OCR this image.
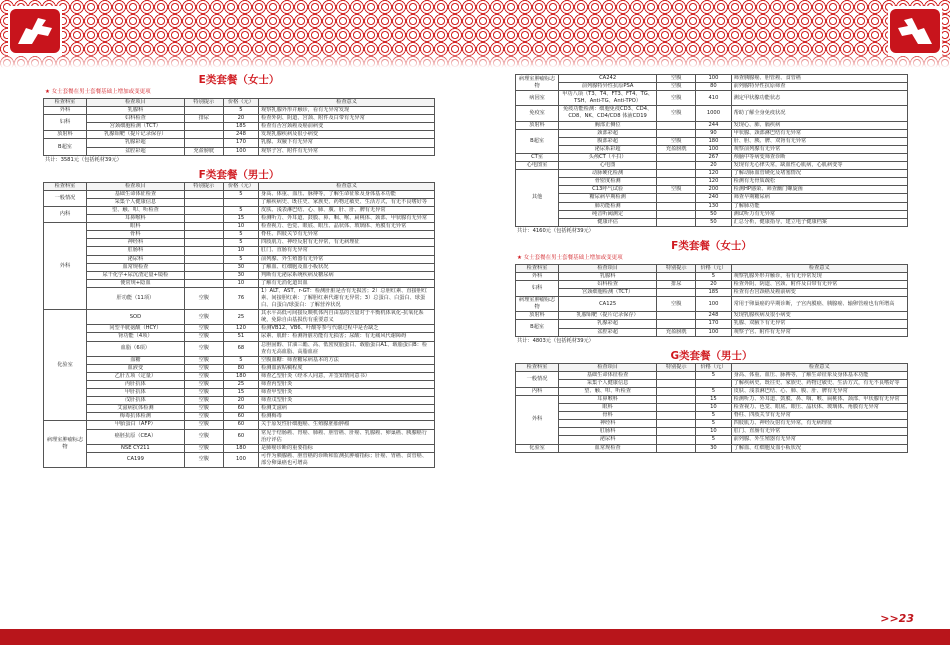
E类套餐（女士）
★ 女士套餐在男士套餐基础上增加或变更项
检查科室	检查项目	特别提示	价格（元）	检查意义
外科	乳腺科		5	观察乳腺外形并触诊，看有无异常发现
妇科	妇科检查	排尿	20	检查外阴、阴道、宫颈、附件及白带有无异常
	宫颈细胞检测（TCT）		185	检查有否宫颈癌及癌前病变
放射科	乳腺钼靶（提片记录保存）		248	发现乳腺疾病及很小病变
B超室	乳腺彩超		170	乳腺、双腋下有无异常
	盆腔彩超	充盈膀胱	100	观察子宫、附件有无异常
共计：3581元（包括耗材39元）
F类套餐（男士）
检查科室	检查项目	特别提示	价格（元）	检查意义
一般情况	基础生命体征检查		5	身高、体重、血压、脉搏等，了解生命征象及身体基本功能
	采集个人健康信息			了解疾病史、既往史、家族史、药物过敏史、生活方式，有无不良嗜好等
内科	望、触、叩、听检查		5	皮肤、浅表淋巴结、心、肺、腹、肝、肝、脾有无异常
	耳鼻喉科		15	检测听力、外耳道、鼓膜、鼻、咽、喉、扁桃体、颈部、甲状腺有无异常
外科	眼科		10	检查视力、色觉、眼底、眼压、晶状体、玻璃体、角膜有无异常
	骨科		5	脊柱、四肢关节有无异常
	神经科		5	四肢肌力、神经反射有无异常，有无病理征
	肛肠科		10	肛门、直肠有无异常
	泌尿科		5	前列腺、外生殖器有无异常
	血常规检查		30	了解血、红细胞及血小板状况
	尿干化学+尿沉渣定量+镜检		30	判断有无泌尿系统疾病及糖尿病
	便常规+隐血		10	了解有无消化道出血
	肝功能（11项）	空腹	76	1）ALT、AST、r-GT：检测肝脏是否有无损害；2）总胆红素、直接胆红素、间接胆红素：了解胆红素代谢有无异常；3）总蛋白、白蛋白、球蛋白、白蛋白/球蛋白：了解营养状况
化验室	SOD	空腹	25	其水平高低可间接反映机体内自由基的含量对于平衡机体氧化-抗氧化系统，免除自由基损伤有重要意义
	同型半胱氨酸（HCY）	空腹	120	检测VB12、VB6、叶酸等参与代谢过程中是否缺乏
	肾功能（4项）	空腹	51	尿素、肌酐：检测肾脏功能有无损害；尿酸：有无痛风代谢障碍
	血脂（6项）	空腹	68	总胆固醇、甘油三酯、高、低密度脂蛋白、载脂蛋白A1、载脂蛋白B：检查有无高血脂、高脂血症
	血糖	空腹	5	空腹血糖：筛查糖尿病基本的方法
	血液变	空腹	80	检测血液粘稠程度
	乙肝五项（定量）	空腹	180	筛查乙型肝炎（经本人同意，并签知情同意书）
	丙肝抗体	空腹	25	筛查丙型肝炎
	甲肝抗体	空腹	15	筛查甲型肝炎
	戊肝抗体	空腹	20	筛查戊型肝炎
	艾滋病抗体检测	空腹	60	检测艾滋病
	梅毒抗体检测	空腹	60	检测梅毒
病理室肿瘤标志物	甲胎蛋白（AFP）	空腹	60	关于原发性肝细胞癌、生殖腺胚胎肿瘤
	癌胚抗原（CEA）	空腹	60	常见于结肠癌、胃癌、肺癌、胆管癌、肝癌、乳腺癌、卵巢癌、胰腺癌行治疗评估
	NSE CY211	空腹	180	是肺癌诊断的重要指标
	CA199	空腹	100	可作为胰腺癌、胆管癌的诊断和监测抗肿瘤指标；肝癌、胃癌、食管癌、部分卵巢癌也可增高
病理室肿瘤标志物	CA242	空腹	100	筛查胰腺癌、胆管癌、食管癌
	前列腺特异性抗原PSA	空腹	80	前列腺特异性抗原筛查
病因室	甲功八项（T3、T4、FT3、FT4、TG、TSH、Anti-TG、Anti-TPO）	空腹	410	测定甲状腺功能状态
免疫室	免疫功能检测：细胞免疫CD3、CD4、CD8、NK、CD4/CD8 体液CD19	空腹	1000	帮助了解全身免疫状况
放射科	胸部正侧位		244	发现心、肺、膈疾病
B超室	颈部彩超		90	甲状腺、颈部淋巴结有无异常
	腹部彩超	空腹	180	肝、胆、胰、脾、双肾有无异常
	泌尿系彩超	充盈膀胱	100	观察前列腺有无异常
CT室	头颅CT（平扫）		267	颅脑中等病变筛查诊断
心电图室	心电图		20	发现有无心律失常，缺血性心肌病，心肌病变等
其他	动脉硬化检测		120	了解动脉血管硬化及堵塞情况
	骨密度检测		120	检测有无骨质疏松
	C13呼气试验	空腹	200	检测HP感染、筛查幽门螺旋菌
	糖尿病早期检测		240	筛查早期糖尿病
	肺功能检测		130	了解肺功能
	纯音听阈测定		50	测试听力有无异常
	健康评估		50	汇总分析，健康指导，建立电子健康档案
共计：4160元（包括耗材39元）
F类套餐（女士）
★ 女士套餐在男士套餐基础上增加或变更项
检查科室	检查项目	特别提示	价格（元）	检查意义
外科	乳腺科		5	观察乳腺外形并触诊，看有无异常发现
妇科	妇科检查	排尿	20	检查外阴、阴道、宫颈、附件及白带有无异常
	宫颈细胞检测（TCT）		185	检查有否宫颈癌及癌前病变
病理室肿瘤标志物	CA125	空腹	100	常用于卵巢癌的早期诊断，子宫内膜癌、胰腺癌、输卵管癌也有所增高
放射科	乳腺钼靶（提片记录保存）		248	发现乳腺疾病及很小病变
B超室	乳腺彩超		170	乳腺、双腋下有无异常
	盆腔彩超	充盈膀胱	100	观察子宫、附件有无异常
共计：4803元（包括耗材39元）
G类套餐（男士）
检查科室	检查项目	特别提示	价格（元）	检查意义
一般情况	基础生命体征检查		5	身高、体重、血压、脉搏等，了解生命征象及身体基本功能
	采集个人健康信息			了解疾病史、既往史、家族史、药物过敏史、生活方式，有无不良嗜好等
内科	望、触、叩、听检查		5	皮肤、浅表淋巴结、心、肺、腹、肝、脾有无异常
外科	耳鼻喉科		15	检测听力、外耳道、鼓膜、鼻、咽、喉、扁桃体、颈部、甲状腺有无异常
	眼科		10	检查视力、色觉、眼底、眼压、晶状体、玻璃体、角膜有无异常
	骨科		5	脊柱、四肢关节有无异常
	神经科		5	四肢肌力、神经反射有无异常，有无病理征
	肛肠科		10	肛门、直肠有无异常
	泌尿科		5	前列腺、外生殖器有无异常
化验室	血常规检查		30	了解血、红细胞及血小板状况
>>23
